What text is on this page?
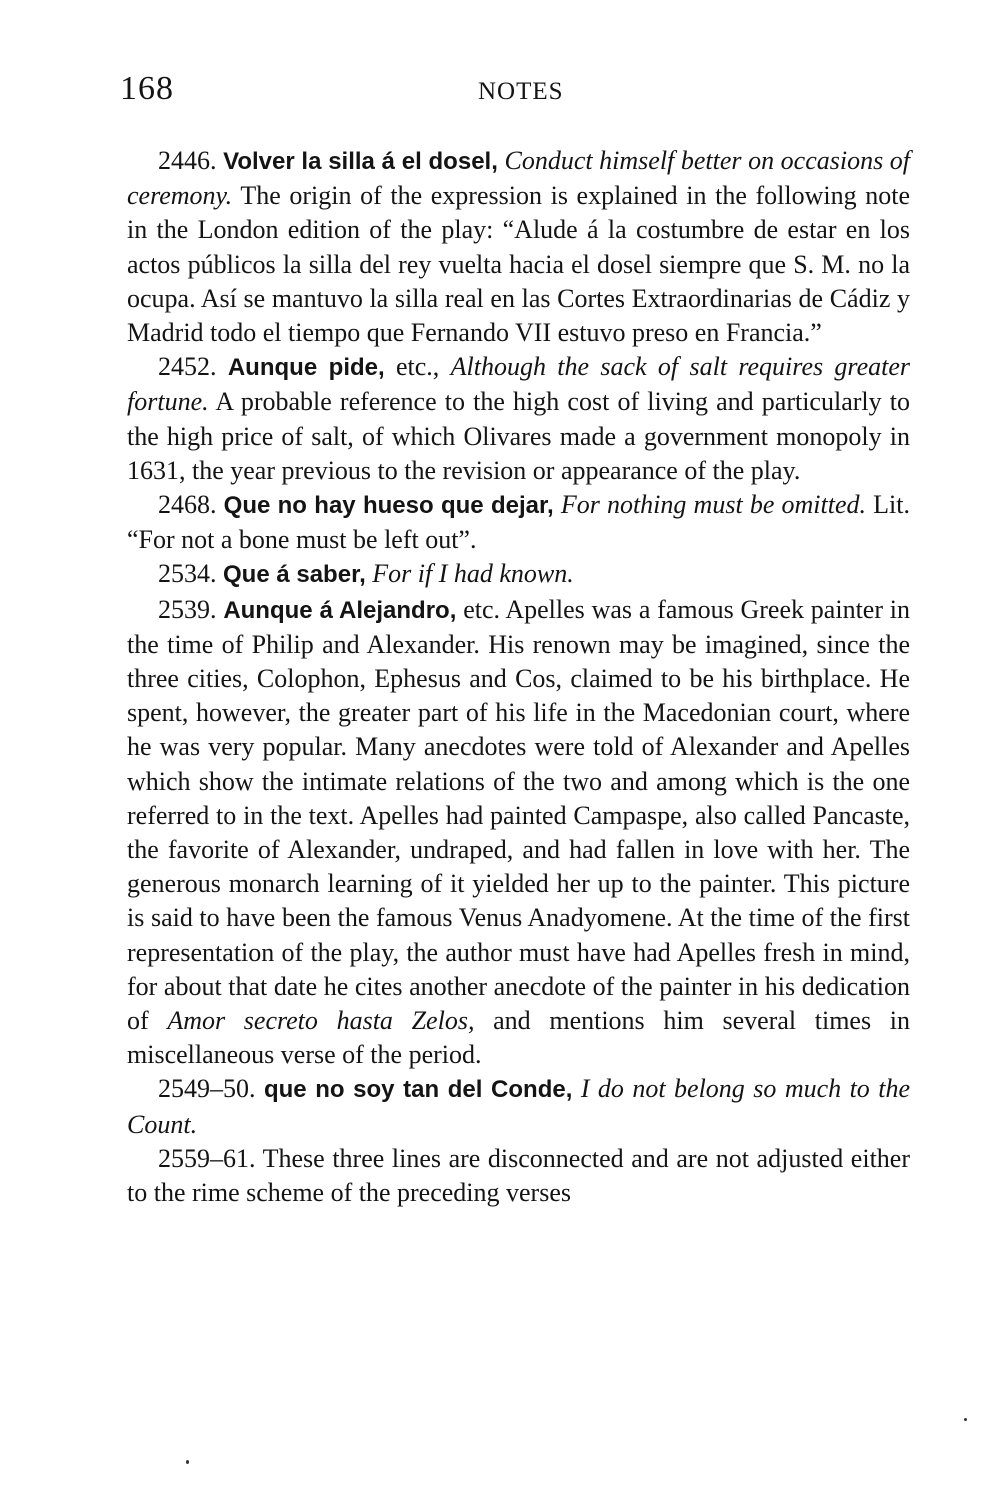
168	NOTES

2446. Volver la silla á el dosel, Conduct himself better on occasions of ceremony. The origin of the expression is explained in the following note in the London edition of the play: “Alude á la costumbre de estar en los actos públicos la silla del rey vuelta hacia el dosel siempre que S. M. no la ocupa. Así se mantuvo la silla real en las Cortes Extraordinarias de Cádiz y Madrid todo el tiempo que Fernando VII estuvo preso en Francia.”

2452. Aunque pide, etc., Although the sack of salt requires greater fortune. A probable reference to the high cost of living and particularly to the high price of salt, of which Olivares made a government monopoly in 1631, the year previous to the revision or appearance of the play.

2468. Que no hay hueso que dejar, For nothing must be omitted. Lit. “For not a bone must be left out”.

2534. Que á saber, For if I had known.

2539. Aunque á Alejandro, etc. Apelles was a famous Greek painter in the time of Philip and Alexander. His renown may be imagined, since the three cities, Colophon, Ephesus and Cos, claimed to be his birthplace. He spent, however, the greater part of his life in the Macedonian court, where he was very popular. Many anecdotes were told of Alexander and Apelles which show the intimate relations of the two and among which is the one referred to in the text. Apelles had painted Campaspe, also called Pancaste, the favorite of Alexander, undraped, and had fallen in love with her. The generous monarch learning of it yielded her up to the painter. This picture is said to have been the famous Venus Anadyomene. At the time of the first representation of the play, the author must have had Apelles fresh in mind, for about that date he cites another anecdote of the painter in his dedication of Amor secreto hasta Zelos, and mentions him several times in miscellaneous verse of the period.

2549–50. que no soy tan del Conde, I do not belong so much to the Count.

2559–61. These three lines are disconnected and are not adjusted either to the rime scheme of the preceding verses
